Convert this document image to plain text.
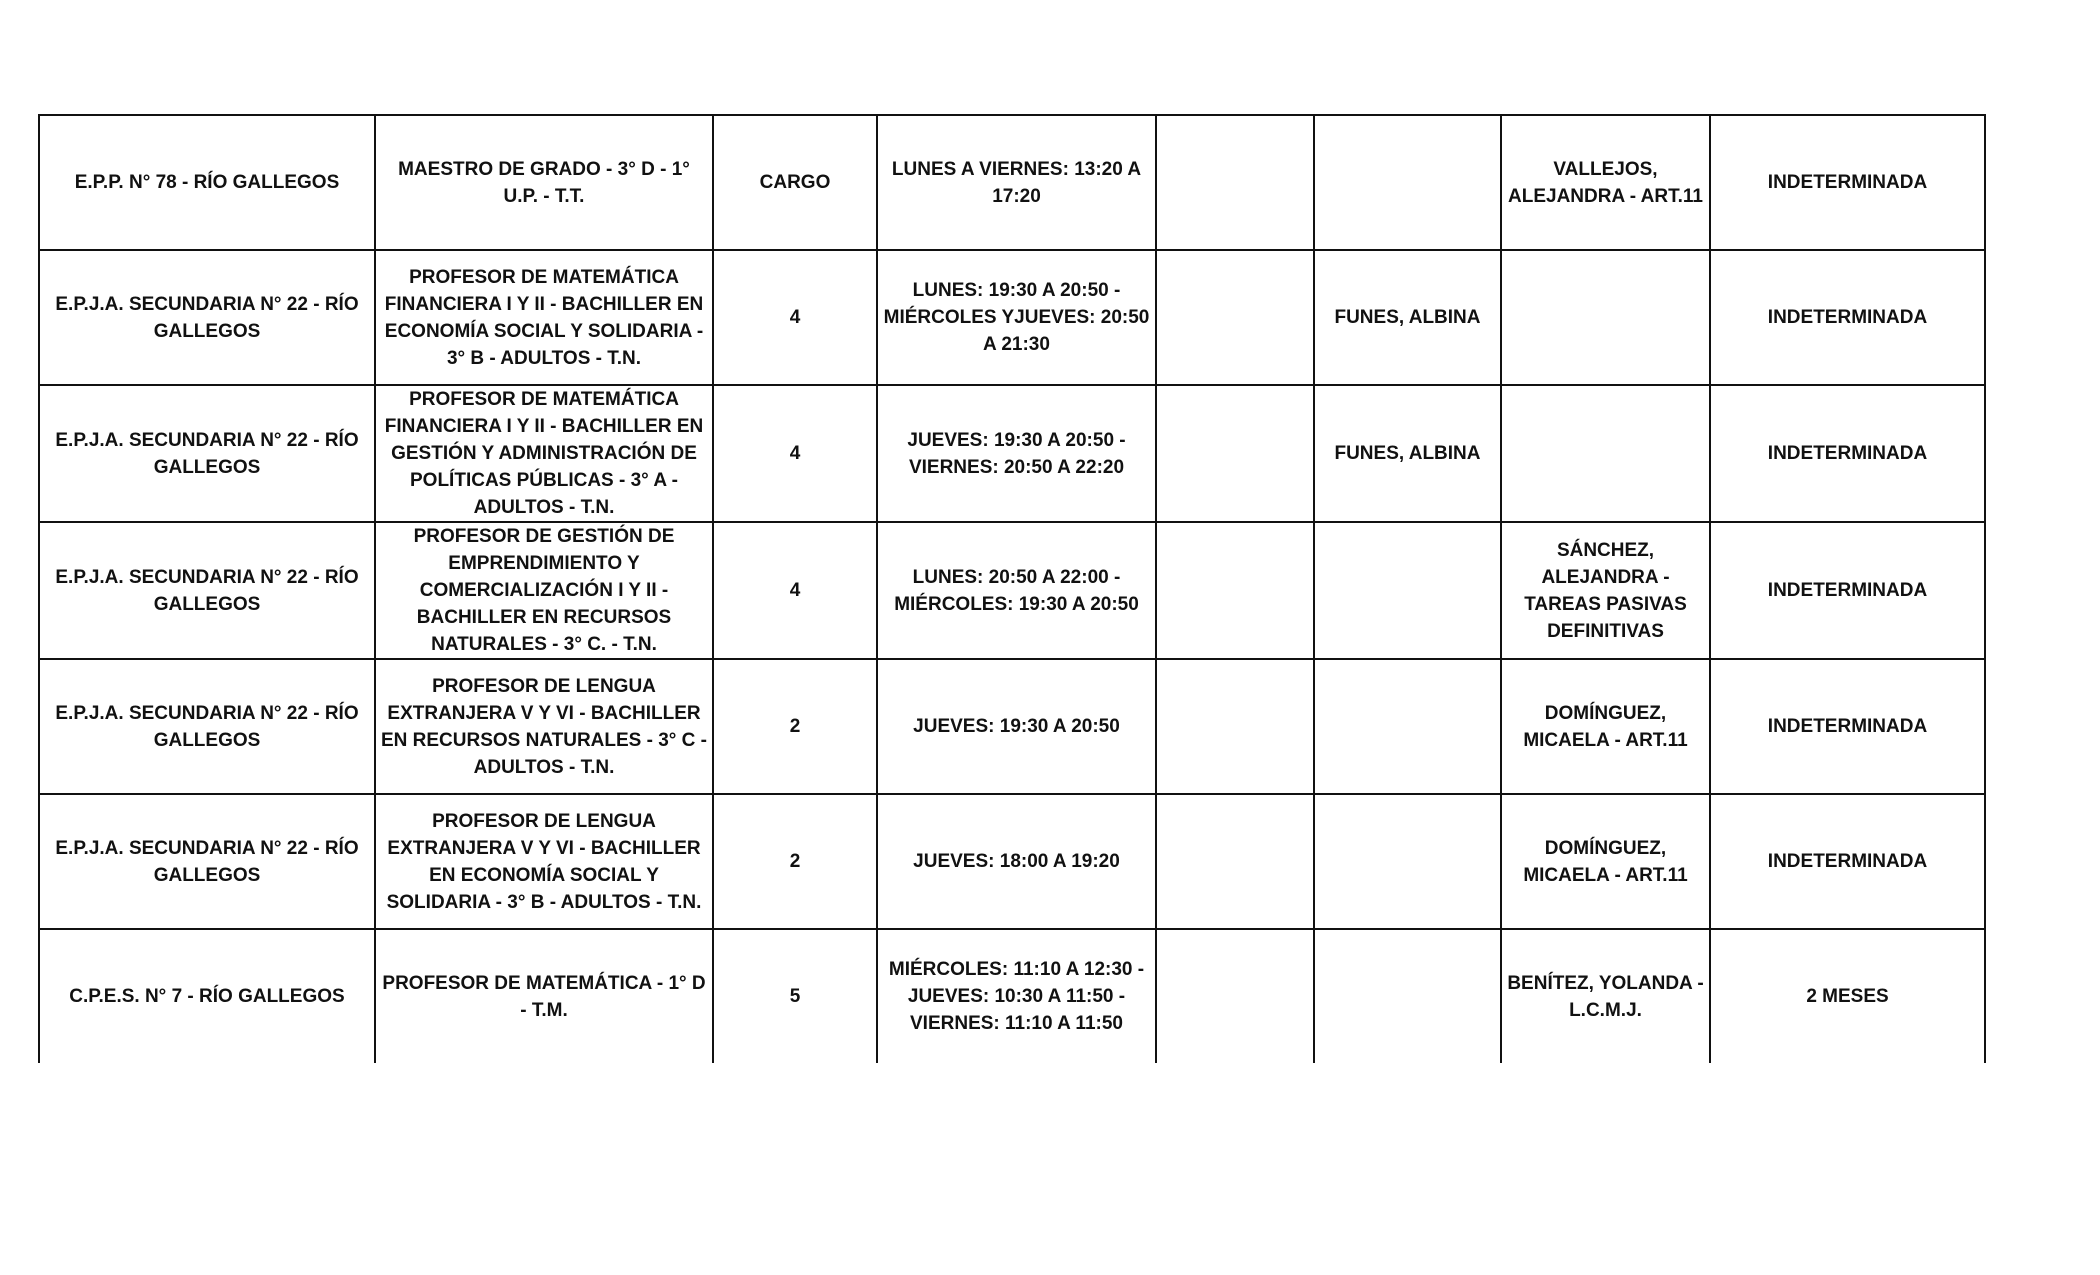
E.P.P. N° 78 - RÍO GALLEGOS	MAESTRO DE GRADO - 3° D - 1° U.P. - T.T.	CARGO	LUNES A VIERNES: 13:20 A 17:20			VALLEJOS, ALEJANDRA - ART.11	INDETERMINADA
E.P.J.A. SECUNDARIA N° 22 - RÍO GALLEGOS	PROFESOR DE MATEMÁTICA FINANCIERA I Y II - BACHILLER EN ECONOMÍA SOCIAL Y SOLIDARIA - 3° B - ADULTOS - T.N.	4	LUNES: 19:30 A 20:50 - MIÉRCOLES YJUEVES: 20:50 A 21:30		FUNES, ALBINA		INDETERMINADA
E.P.J.A. SECUNDARIA N° 22 - RÍO GALLEGOS	PROFESOR DE MATEMÁTICA FINANCIERA I Y II - BACHILLER EN GESTIÓN Y ADMINISTRACIÓN DE POLÍTICAS PÚBLICAS - 3° A - ADULTOS - T.N.	4	JUEVES: 19:30 A 20:50 - VIERNES: 20:50 A 22:20		FUNES, ALBINA		INDETERMINADA
E.P.J.A. SECUNDARIA N° 22 - RÍO GALLEGOS	PROFESOR DE GESTIÓN DE EMPRENDIMIENTO Y COMERCIALIZACIÓN I Y II - BACHILLER EN RECURSOS NATURALES - 3° C. - T.N.	4	LUNES: 20:50 A 22:00 - MIÉRCOLES: 19:30 A 20:50			SÁNCHEZ, ALEJANDRA - TAREAS PASIVAS DEFINITIVAS	INDETERMINADA
E.P.J.A. SECUNDARIA N° 22 - RÍO GALLEGOS	PROFESOR DE LENGUA EXTRANJERA V Y VI - BACHILLER EN RECURSOS NATURALES - 3° C - ADULTOS - T.N.	2	JUEVES: 19:30 A 20:50			DOMÍNGUEZ, MICAELA - ART.11	INDETERMINADA
E.P.J.A. SECUNDARIA N° 22 - RÍO GALLEGOS	PROFESOR DE LENGUA EXTRANJERA V Y VI - BACHILLER EN ECONOMÍA SOCIAL Y SOLIDARIA - 3° B - ADULTOS - T.N.	2	JUEVES: 18:00 A 19:20			DOMÍNGUEZ, MICAELA - ART.11	INDETERMINADA
C.P.E.S. N° 7 - RÍO GALLEGOS	PROFESOR DE MATEMÁTICA - 1° D - T.M.	5	MIÉRCOLES: 11:10 A 12:30 - JUEVES: 10:30 A 11:50 - VIERNES: 11:10 A 11:50			BENÍTEZ, YOLANDA - L.C.M.J.	2 MESES
